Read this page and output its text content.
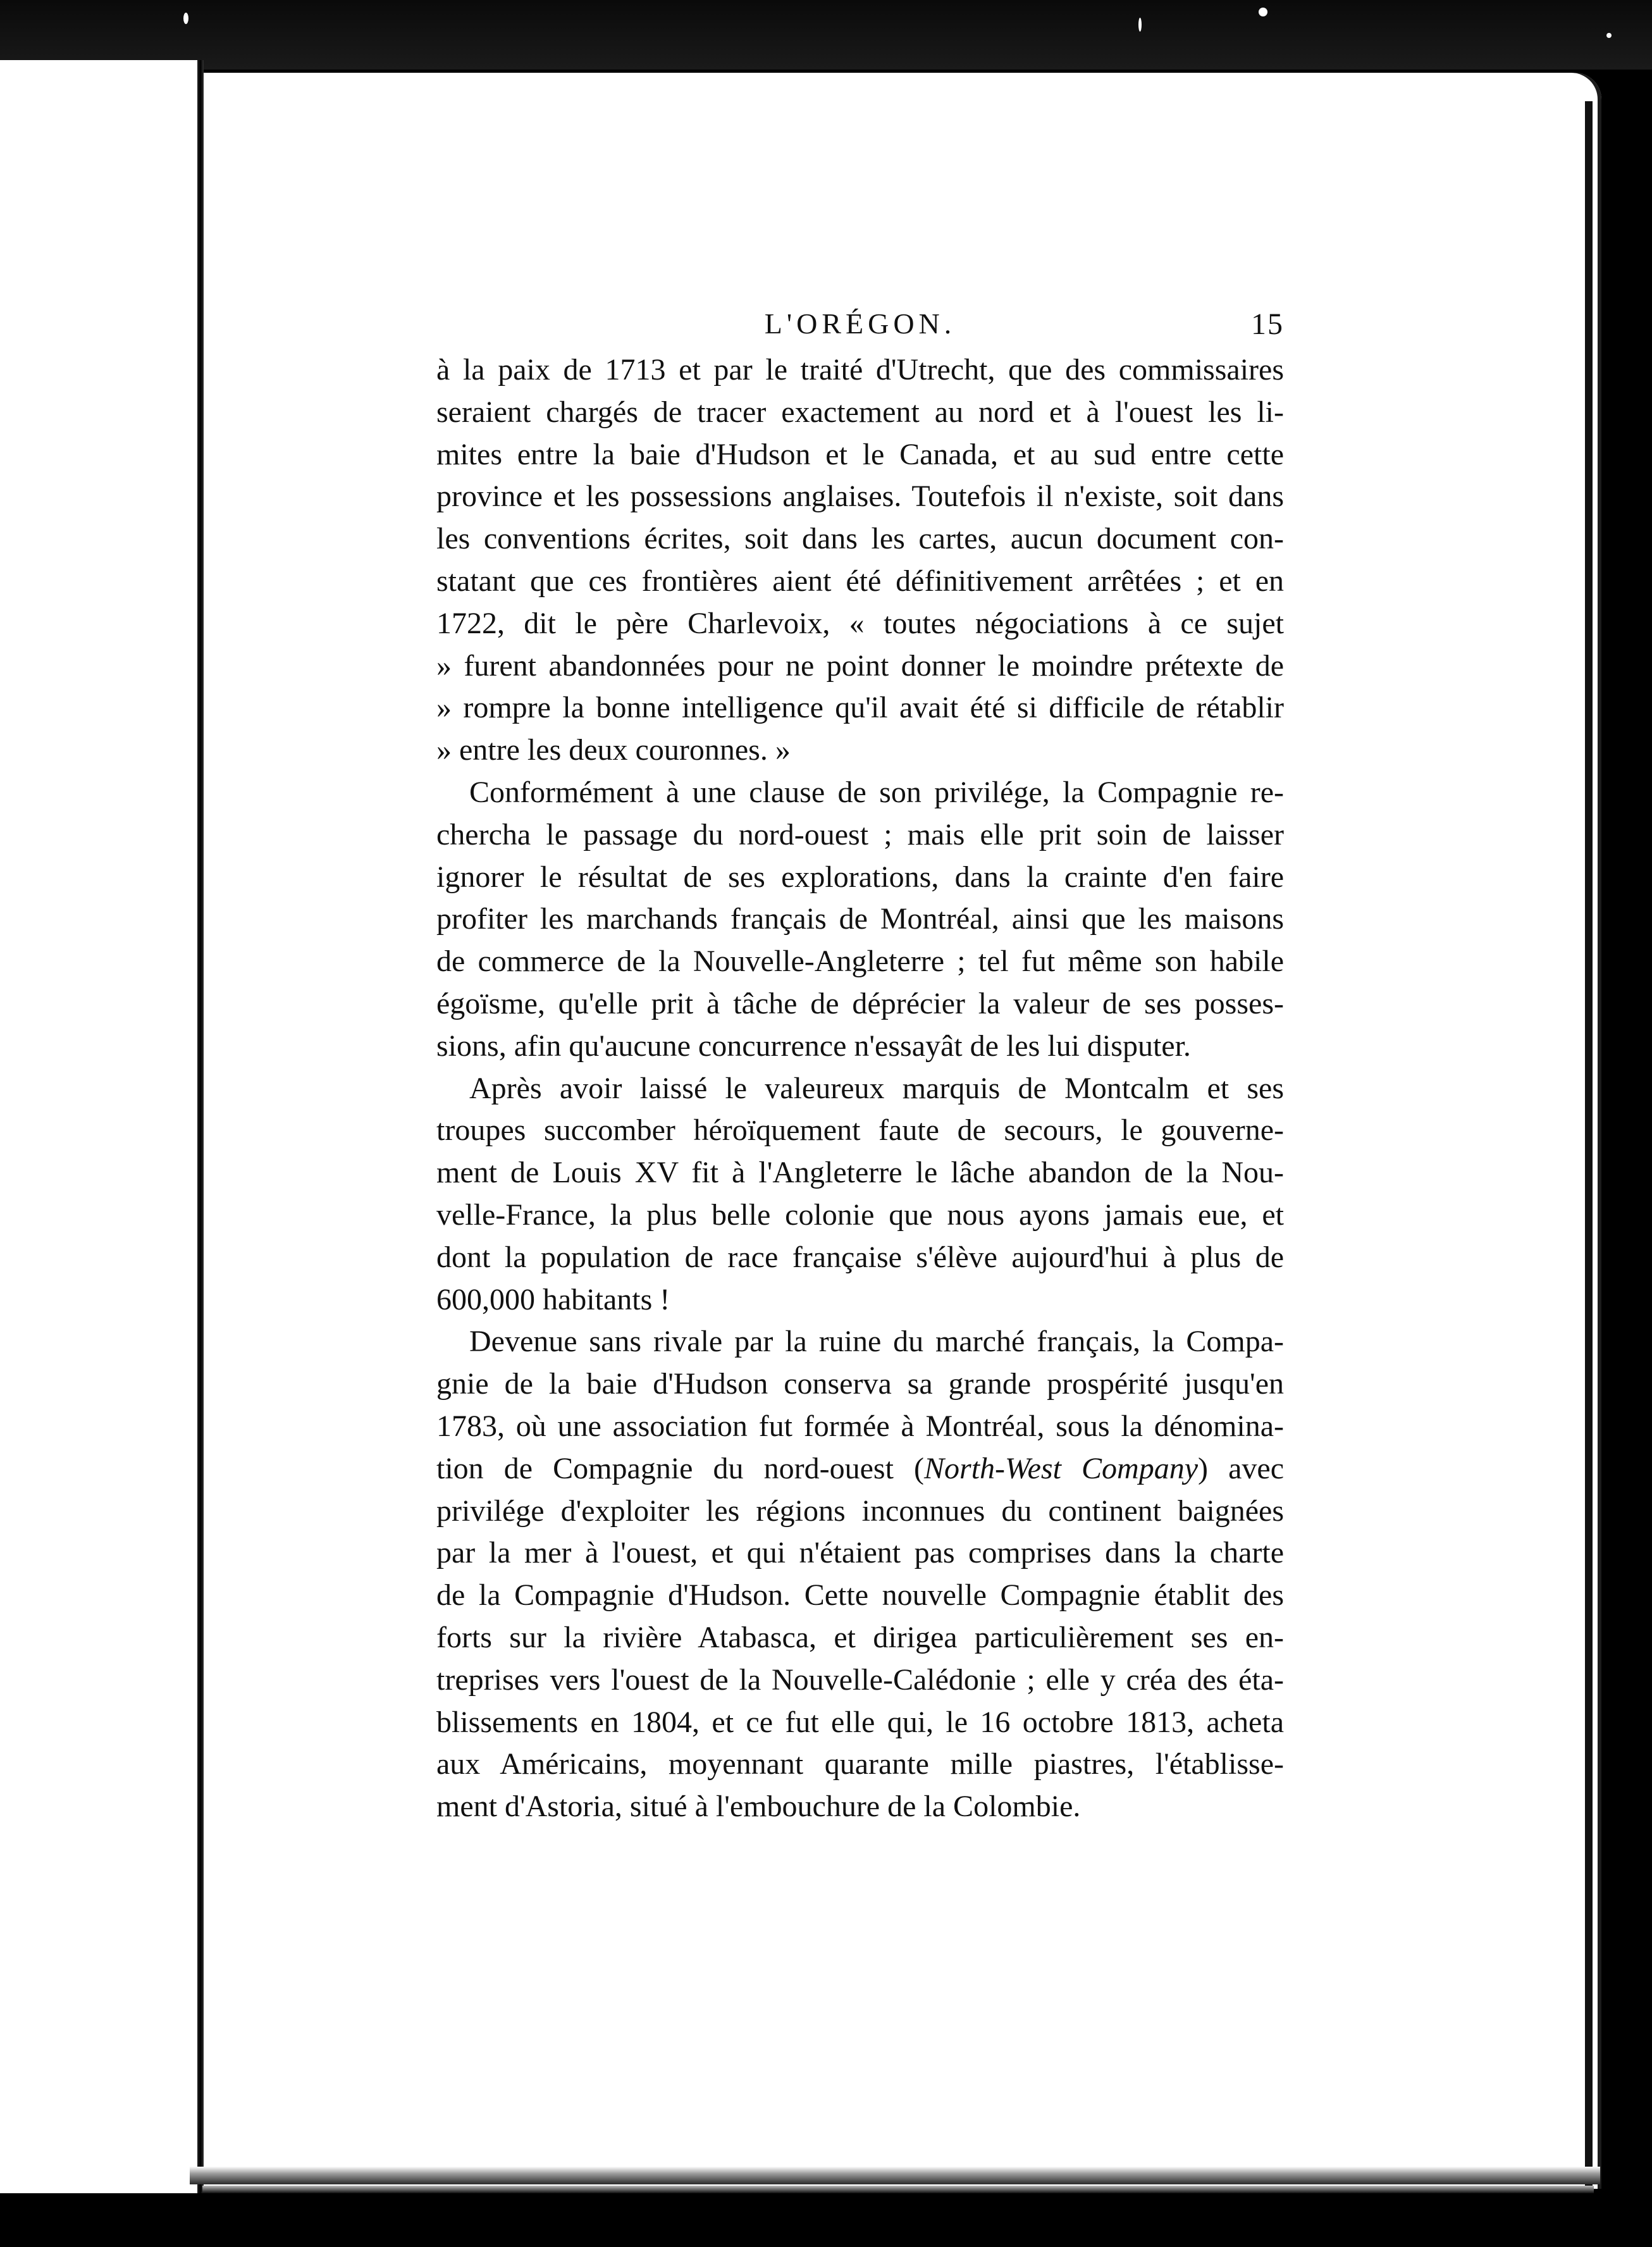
L'ORÉGON.	15
à la paix de 1713 et par le traité d'Utrecht, que des commissaires
seraient chargés de tracer exactement au nord et à l'ouest les li-
mites entre la baie d'Hudson et le Canada, et au sud entre cette
province et les possessions anglaises. Toutefois il n'existe, soit dans
les conventions écrites, soit dans les cartes, aucun document con-
statant que ces frontières aient été définitivement arrêtées ; et en
1722, dit le père Charlevoix, « toutes négociations à ce sujet
» furent abandonnées pour ne point donner le moindre prétexte de
» rompre la bonne intelligence qu'il avait été si difficile de rétablir
» entre les deux couronnes. »
Conformément à une clause de son privilége, la Compagnie re-
chercha le passage du nord-ouest ; mais elle prit soin de laisser
ignorer le résultat de ses explorations, dans la crainte d'en faire
profiter les marchands français de Montréal, ainsi que les maisons
de commerce de la Nouvelle-Angleterre ; tel fut même son habile
égoïsme, qu'elle prit à tâche de déprécier la valeur de ses posses-
sions, afin qu'aucune concurrence n'essayât de les lui disputer.
Après avoir laissé le valeureux marquis de Montcalm et ses
troupes succomber héroïquement faute de secours, le gouverne-
ment de Louis XV fit à l'Angleterre le lâche abandon de la Nou-
velle-France, la plus belle colonie que nous ayons jamais eue, et
dont la population de race française s'élève aujourd'hui à plus de
600,000 habitants !
Devenue sans rivale par la ruine du marché français, la Compa-
gnie de la baie d'Hudson conserva sa grande prospérité jusqu'en
1783, où une association fut formée à Montréal, sous la dénomina-
tion de Compagnie du nord-ouest (North-West Company) avec
privilége d'exploiter les régions inconnues du continent baignées
par la mer à l'ouest, et qui n'étaient pas comprises dans la charte
de la Compagnie d'Hudson. Cette nouvelle Compagnie établit des
forts sur la rivière Atabasca, et dirigea particulièrement ses en-
treprises vers l'ouest de la Nouvelle-Calédonie ; elle y créa des éta-
blissements en 1804, et ce fut elle qui, le 16 octobre 1813, acheta
aux Américains, moyennant quarante mille piastres, l'établisse-
ment d'Astoria, situé à l'embouchure de la Colombie.
